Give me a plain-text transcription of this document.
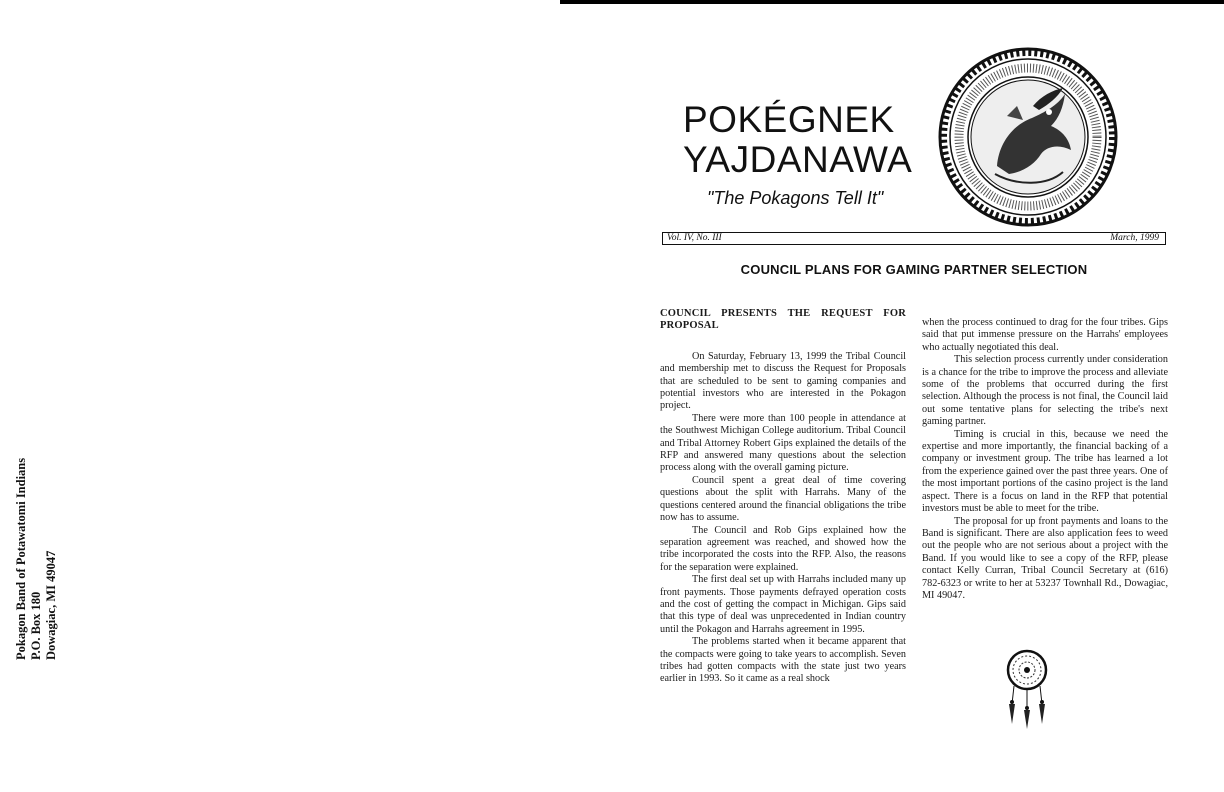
Pokagon Band of Potawatomi Indians P.O. Box 180 Dowagiac, MI 49047
POKÉGNEK
YAJDANAWA
"The Pokagons Tell It"
Vol. IV, No. III	March, 1999
COUNCIL PLANS FOR GAMING PARTNER SELECTION
COUNCIL PRESENTS THE REQUEST FOR PROPOSAL

On Saturday, February 13, 1999 the Tribal Council and membership met to discuss the Request for Proposals that are scheduled to be sent to gaming companies and potential investors who are interested in the Pokagon project.

There were more than 100 people in attendance at the Southwest Michigan College auditorium. Tribal Council and Tribal Attorney Robert Gips explained the details of the RFP and answered many questions about the selection process along with the overall gaming picture.

Council spent a great deal of time covering questions about the split with Harrahs. Many of the questions centered around the financial obligations the tribe now has to assume.

The Council and Rob Gips explained how the separation agreement was reached, and showed how the tribe incorporated the costs into the RFP. Also, the reasons for the separation were explained.

The first deal set up with Harrahs included many up front payments. Those payments defrayed operation costs and the cost of getting the compact in Michigan. Gips said that this type of deal was unprecedented in Indian country until the Pokagon and Harrahs agreement in 1995.

The problems started when it became apparent that the compacts were going to take years to accomplish. Seven tribes had gotten compacts with the state just two years earlier in 1993. So it came as a real shock

when the process continued to drag for the four tribes. Gips said that put immense pressure on the Harrahs' employees who actually negotiated this deal.

This selection process currently under consideration is a chance for the tribe to improve the process and alleviate some of the problems that occurred during the first selection. Although the process is not final, the Council laid out some tentative plans for selecting the tribe's next gaming partner.

Timing is crucial in this, because we need the expertise and more importantly, the financial backing of a company or investment group. The tribe has learned a lot from the experience gained over the past three years. One of the most important portions of the casino project is the land aspect. There is a focus on land in the RFP that potential investors must be able to meet for the tribe.

The proposal for up front payments and loans to the Band is significant. There are also application fees to weed out the people who are not serious about a project with the Band. If you would like to see a copy of the RFP, please contact Kelly Curran, Tribal Council Secretary at (616) 782-6323 or write to her at 53237 Townhall Rd., Dowagiac, MI 49047.
